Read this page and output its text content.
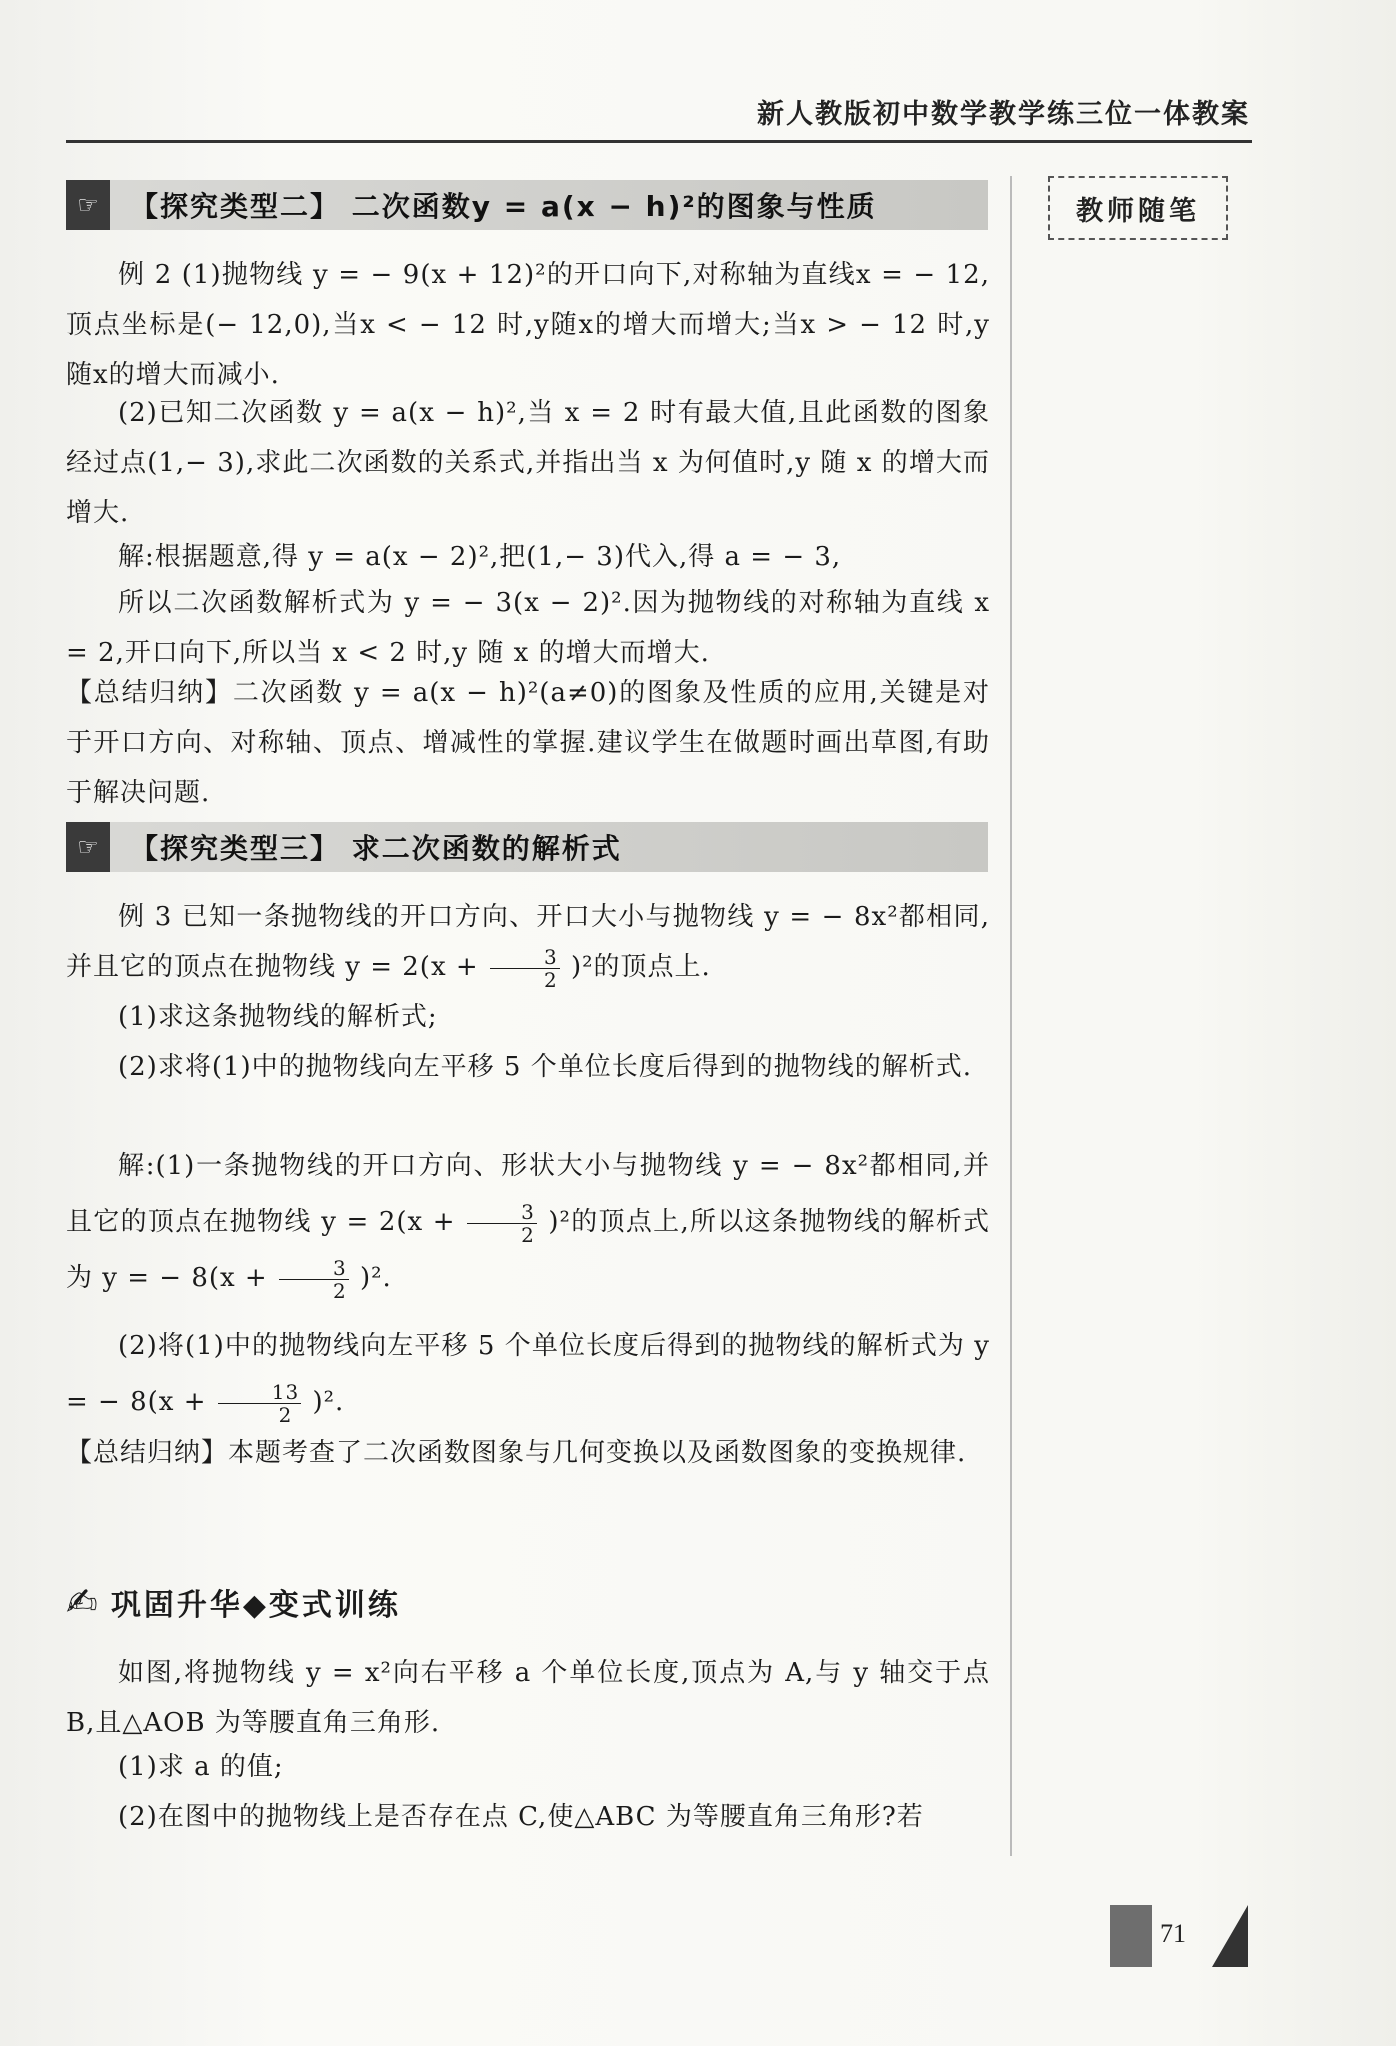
新人教版初中数学教学练三位一体教案
教师随笔
☞	【探究类型二】 二次函数y = a(x − h)²的图象与性质
例 2 (1)抛物线 y = − 9(x + 12)²的开口向下,对称轴为直线x = − 12,顶点坐标是(− 12,0),当x < − 12 时,y随x的增大而增大;当x > − 12 时,y随x的增大而减小.
(2)已知二次函数 y = a(x − h)²,当 x = 2 时有最大值,且此函数的图象经过点(1,− 3),求此二次函数的关系式,并指出当 x 为何值时,y 随 x 的增大而增大.
解:根据题意,得 y = a(x − 2)²,把(1,− 3)代入,得 a = − 3,
所以二次函数解析式为 y = − 3(x − 2)².因为抛物线的对称轴为直线 x = 2,开口向下,所以当 x < 2 时,y 随 x 的增大而增大.
【总结归纳】二次函数 y = a(x − h)²(a≠0)的图象及性质的应用,关键是对于开口方向、对称轴、顶点、增减性的掌握.建议学生在做题时画出草图,有助于解决问题.
☞	【探究类型三】 求二次函数的解析式
例 3 已知一条抛物线的开口方向、开口大小与抛物线 y = − 8x²都相同,并且它的顶点在抛物线 $y = 2(x + \frac{3}{2} )^2$的顶点上.
(1)求这条抛物线的解析式;
(2)求将(1)中的抛物线向左平移 5 个单位长度后得到的抛物线的解析式.
解:(1)一条抛物线的开口方向、形状大小与抛物线 y = − 8x²都相同,并且它的顶点在抛物线 $y = 2(x + \frac{3}{2} )^2$的顶点上,所以这条抛物线的解析式为 y = − $8(x + \frac{3}{2} )^2$.
(2)将(1)中的抛物线向左平移 5 个单位长度后得到的抛物线的解析式为 y = − $8(x + \frac{13}{2} )^2$.
【总结归纳】本题考查了二次函数图象与几何变换以及函数图象的变换规律.
✍ 巩固升华◆变式训练
如图,将抛物线 y = x²向右平移 a 个单位长度,顶点为 A,与 y 轴交于点 B,且△AOB 为等腰直角三角形.
(1)求 a 的值;
(2)在图中的抛物线上是否存在点 C,使△ABC 为等腰直角三角形?若
71
